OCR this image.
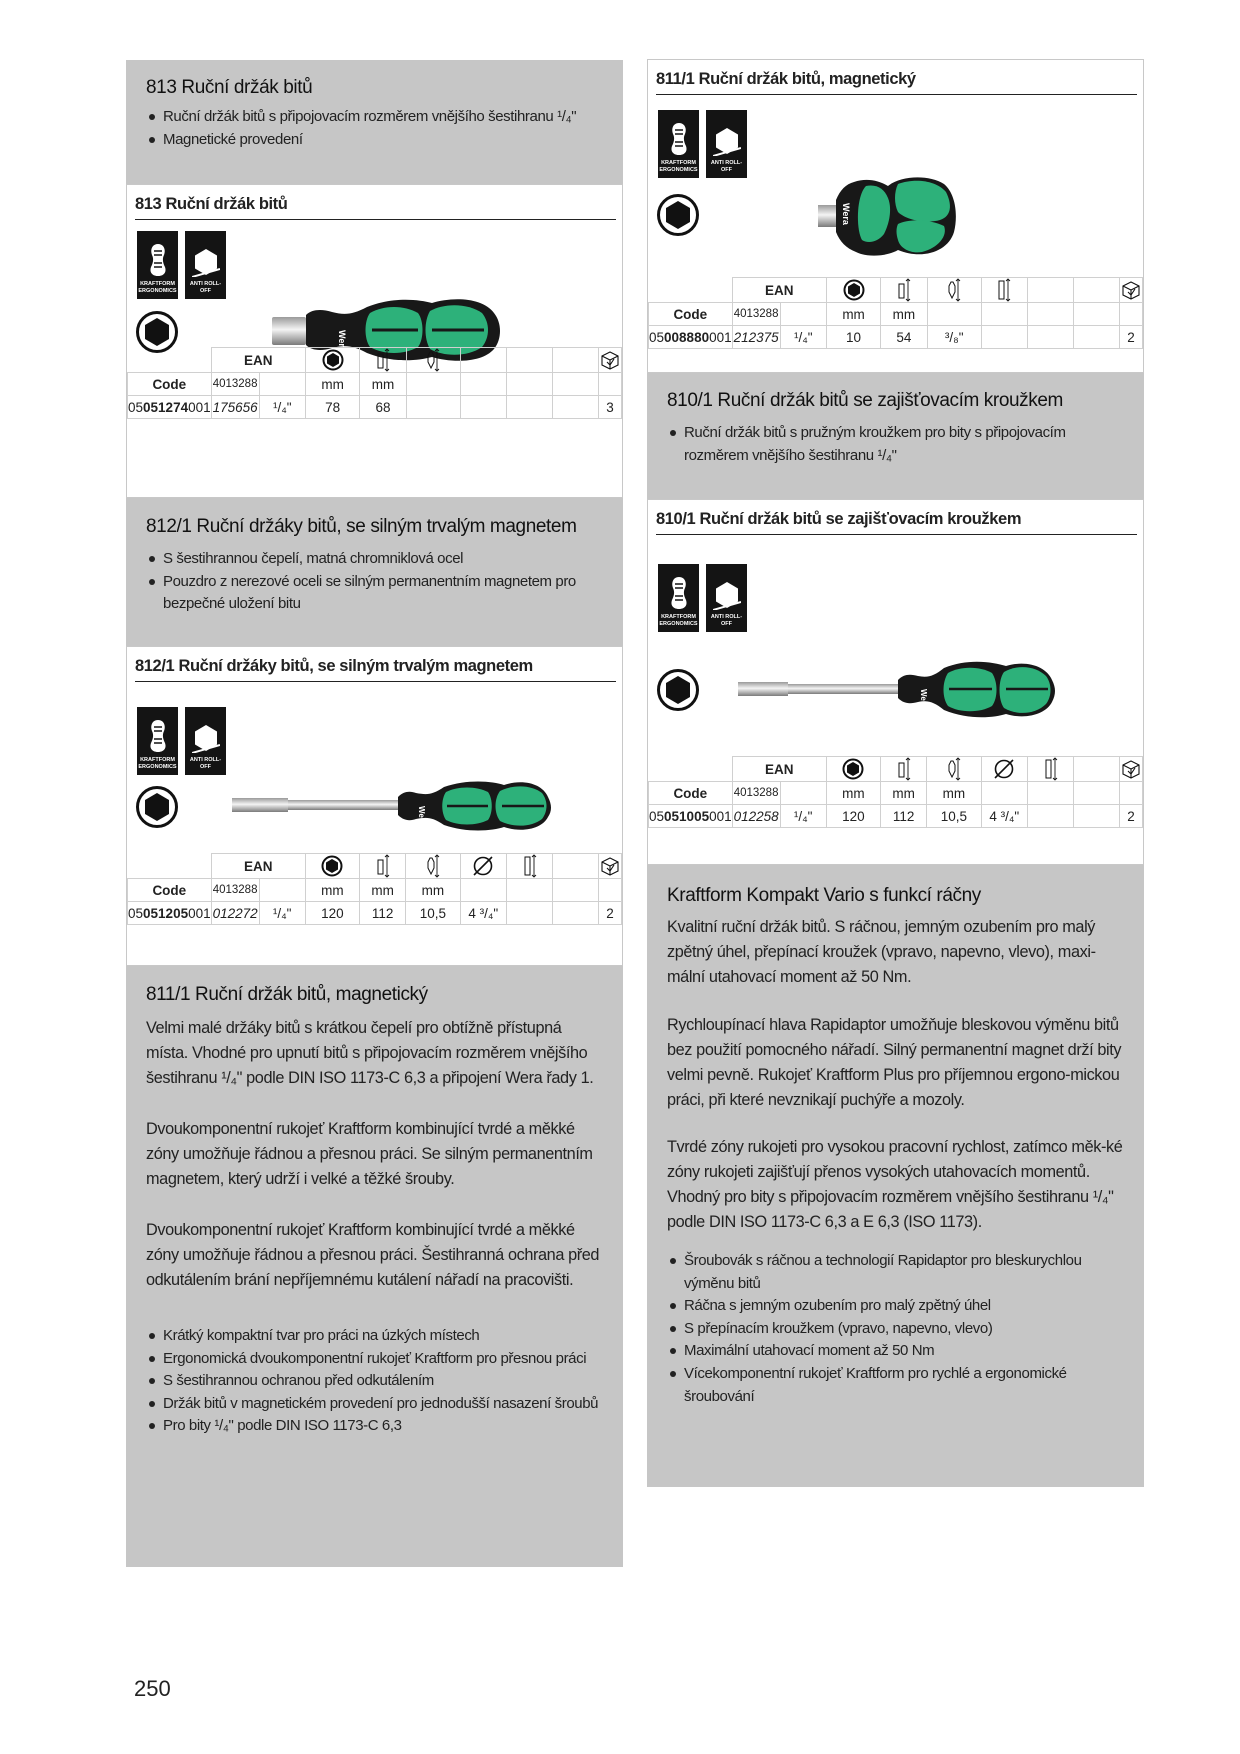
813 Ruční držák bitů
Ruční držák bitů s připojovacím rozměrem vnějšího šestihranu ¹/₄"
Magnetické provedení
813 Ruční držák bitů
KRAFTFORM ERGONOMICS
ANTI ROLL-OFF
Wera
	EAN							
Code	4013288		mm	mm					
05051274001	175656	¹/₄"	78	68					3
812/1 Ruční držáky bitů, se silným trvalým magnetem
S šestihrannou čepelí, matná chromniklová ocel
Pouzdro z nerezové oceli se silným permanentním magnetem pro bezpečné uložení bitu
812/1 Ruční držáky bitů, se silným trvalým magnetem
KRAFTFORM ERGONOMICS
ANTI ROLL-OFF
Wera
	EAN							
Code	4013288		mm	mm	mm				
05051205001	012272	¹/₄"	120	112	10,5	4 ³/₄"			2
811/1 Ruční držák bitů, magnetický
Velmi malé držáky bitů s krátkou čepelí pro obtížně přístupná místa. Vhodné pro upnutí bitů s připojovacím rozměrem vnějšího šestihranu ¹/₄" podle DIN ISO 1173-C 6,3 a připojení Wera řady 1.
Dvoukomponentní rukojeť Kraftform kombinující tvrdé a měkké zóny umožňuje řádnou a přesnou práci. Se silným permanentním magnetem, který udrží i velké a těžké šrouby.
Dvoukomponentní rukojeť Kraftform kombinující tvrdé a měkké zóny umožňuje řádnou a přesnou práci. Šestihranná ochrana před odkutálením brání nepříjemnému kutálení nářadí na pracovišti.
Krátký kompaktní tvar pro práci na úzkých místech
Ergonomická dvoukomponentní rukojeť Kraftform pro přesnou práci
S šestihrannou ochranou před odkutálením
Držák bitů v magnetickém provedení pro jednodušší nasazení šroubů
Pro bity ¹/₄" podle DIN ISO 1173-C 6,3
811/1 Ruční držák bitů, magnetický
KRAFTFORM ERGONOMICS
ANTI ROLL-OFF
Wera
	EAN							
Code	4013288		mm	mm					
05008880001	212375	¹/₄"	10	54	³/₈"				2
810/1 Ruční držák bitů se zajišťovacím kroužkem
Ruční držák bitů s pružným kroužkem pro bity s připojovacím rozměrem vnějšího šestihranu ¹/₄"
810/1 Ruční držák bitů se zajišťovacím kroužkem
KRAFTFORM ERGONOMICS
ANTI ROLL-OFF
Wera
	EAN							
Code	4013288		mm	mm	mm				
05051005001	012258	¹/₄"	120	112	10,5	4 ³/₄"			2
Kraftform Kompakt Vario s funkcí ráčny
Kvalitní ruční držák bitů. S ráčnou, jemným ozubením pro malý zpětný úhel, přepínací kroužek (vpravo, napevno, vlevo), maxi-mální utahovací moment až 50 Nm.
Rychloupínací hlava Rapidaptor umožňuje bleskovou výměnu bitů bez použití pomocného nářadí. Silný permanentní magnet drží bity velmi pevně. Rukojeť Kraftform Plus pro příjemnou ergono-mickou práci, při které nevznikají puchýře a mozoly.
Tvrdé zóny rukojeti pro vysokou pracovní rychlost, zatímco měk-ké zóny rukojeti zajišťují přenos vysokých utahovacích momentů. Vhodný pro bity s připojovacím rozměrem vnějšího šestihranu ¹/₄" podle DIN ISO 1173-C 6,3 a E 6,3 (ISO 1173).
Šroubovák s ráčnou a technologií Rapidaptor pro bleskurychlou výměnu bitů
Ráčna s jemným ozubením pro malý zpětný úhel
S přepínacím kroužkem (vpravo, napevno, vlevo)
Maximální utahovací moment až 50 Nm
Vícekomponentní rukojeť Kraftform pro rychlé a ergonomické šroubování
250
